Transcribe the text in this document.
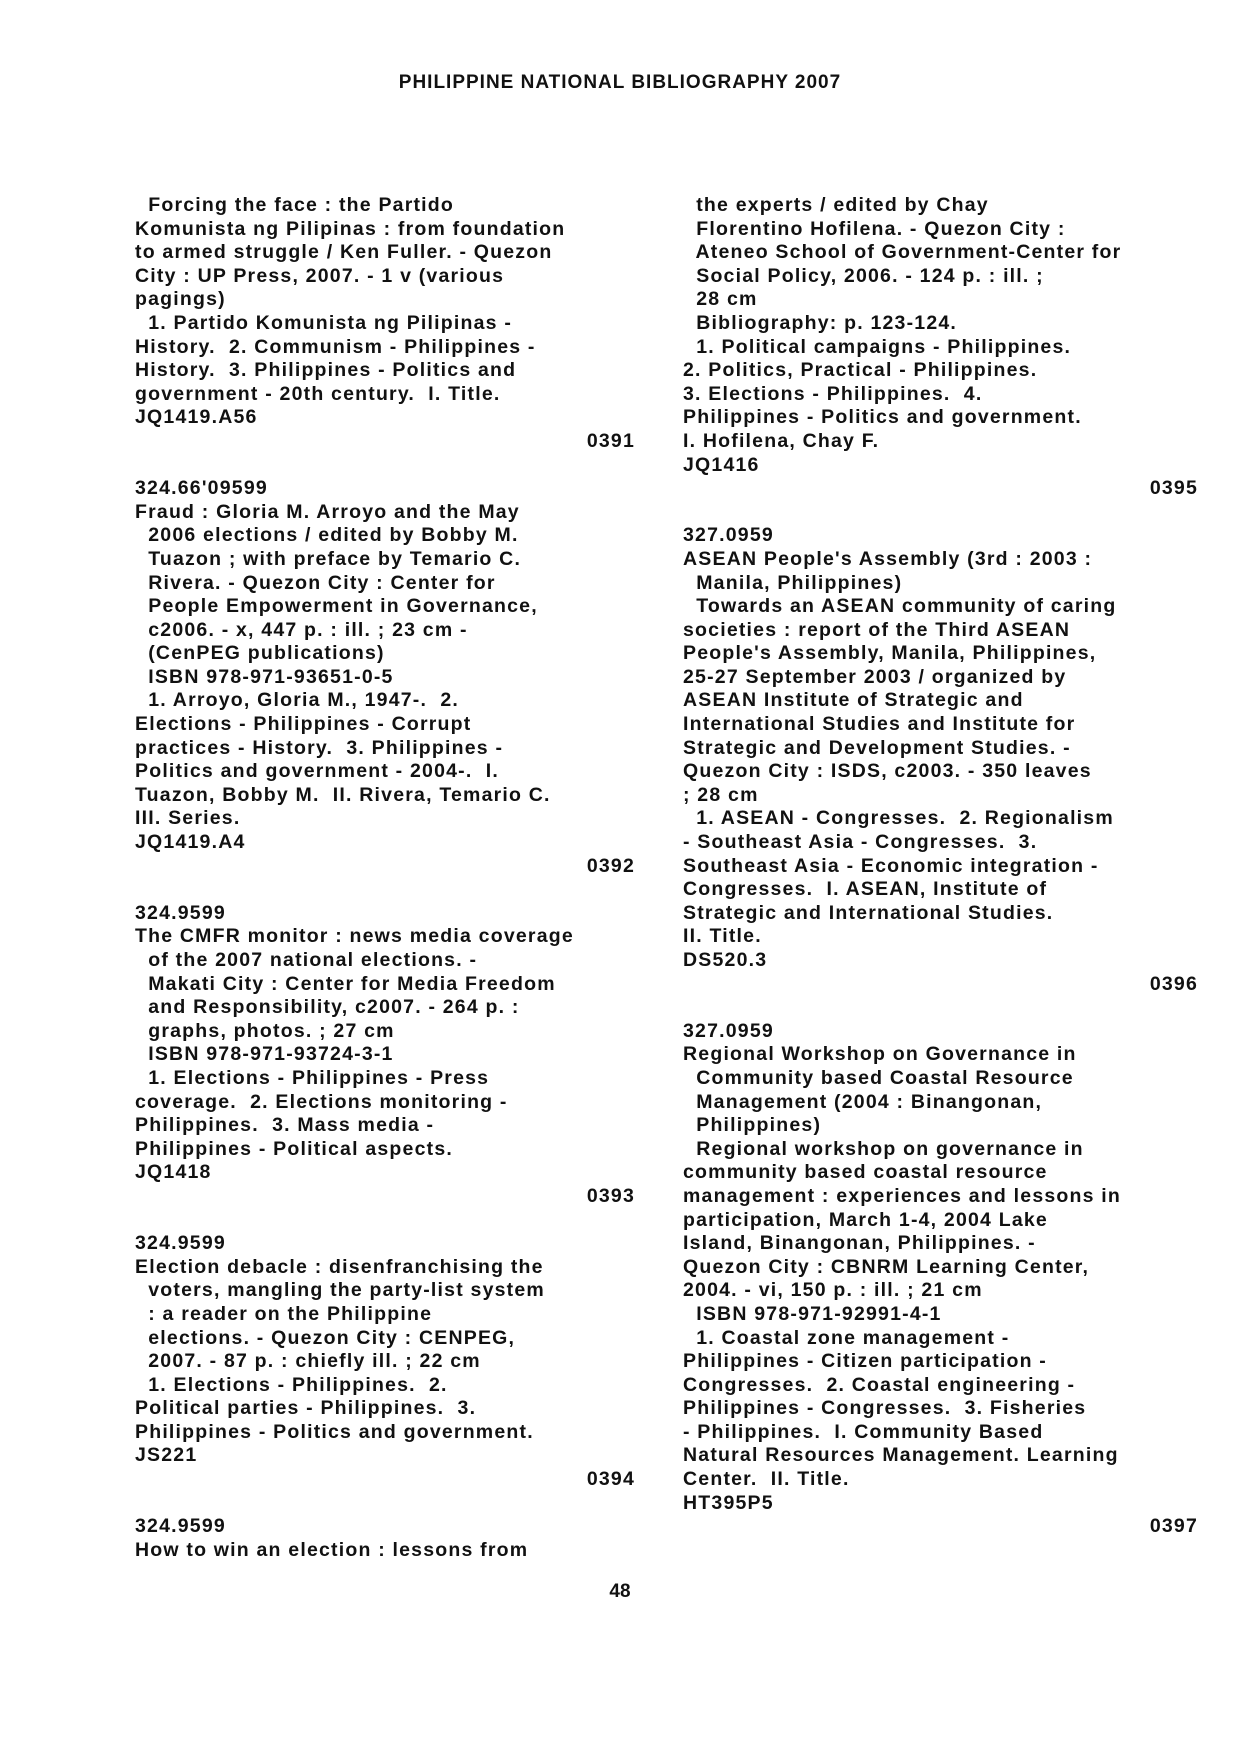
PHILIPPINE NATIONAL BIBLIOGRAPHY 2007
Forcing the face : the Partido
Komunista ng Pilipinas : from foundation
to armed struggle / Ken Fuller. - Quezon
City : UP Press, 2007. - 1 v (various
pagings)
1. Partido Komunista ng Pilipinas -
History.  2. Communism - Philippines -
History.  3. Philippines - Politics and
government - 20th century.  I. Title.
JQ1419.A56
0391
324.66'09599
Fraud : Gloria M. Arroyo and the May
2006 elections / edited by Bobby M.
Tuazon ; with preface by Temario C.
Rivera. - Quezon City : Center for
People Empowerment in Governance,
c2006. - x, 447 p. : ill. ; 23 cm -
(CenPEG publications)
ISBN 978-971-93651-0-5
1. Arroyo, Gloria M., 1947-.  2.
Elections - Philippines - Corrupt
practices - History.  3. Philippines -
Politics and government - 2004-.  I.
Tuazon, Bobby M.  II. Rivera, Temario C.
III. Series.
JQ1419.A4
0392
324.9599
The CMFR monitor : news media coverage
of the 2007 national elections. -
Makati City : Center for Media Freedom
and Responsibility, c2007. - 264 p. :
graphs, photos. ; 27 cm
ISBN 978-971-93724-3-1
1. Elections - Philippines - Press
coverage.  2. Elections monitoring -
Philippines.  3. Mass media -
Philippines - Political aspects.
JQ1418
0393
324.9599
Election debacle : disenfranchising the
voters, mangling the party-list system
: a reader on the Philippine
elections. - Quezon City : CENPEG,
2007. - 87 p. : chiefly ill. ; 22 cm
1. Elections - Philippines.  2.
Political parties - Philippines.  3.
Philippines - Politics and government.
JS221
0394
324.9599
How to win an election : lessons from
the experts / edited by Chay
Florentino Hofilena. - Quezon City :
Ateneo School of Government-Center for
Social Policy, 2006. - 124 p. : ill. ;
28 cm
Bibliography: p. 123-124.
1. Political campaigns - Philippines.
2. Politics, Practical - Philippines.
3. Elections - Philippines.  4.
Philippines - Politics and government.
I. Hofilena, Chay F.
JQ1416
0395
327.0959
ASEAN People's Assembly (3rd : 2003 :
Manila, Philippines)
Towards an ASEAN community of caring
societies : report of the Third ASEAN
People's Assembly, Manila, Philippines,
25-27 September 2003 / organized by
ASEAN Institute of Strategic and
International Studies and Institute for
Strategic and Development Studies. -
Quezon City : ISDS, c2003. - 350 leaves
; 28 cm
1. ASEAN - Congresses.  2. Regionalism
- Southeast Asia - Congresses.  3.
Southeast Asia - Economic integration -
Congresses.  I. ASEAN, Institute of
Strategic and International Studies.
II. Title.
DS520.3
0396
327.0959
Regional Workshop on Governance in
Community based Coastal Resource
Management (2004 : Binangonan,
Philippines)
Regional workshop on governance in
community based coastal resource
management : experiences and lessons in
participation, March 1-4, 2004 Lake
Island, Binangonan, Philippines. -
Quezon City : CBNRM Learning Center,
2004. - vi, 150 p. : ill. ; 21 cm
ISBN 978-971-92991-4-1
1. Coastal zone management -
Philippines - Citizen participation -
Congresses.  2. Coastal engineering -
Philippines - Congresses.  3. Fisheries
- Philippines.  I. Community Based
Natural Resources Management. Learning
Center.  II. Title.
HT395P5
0397
48
